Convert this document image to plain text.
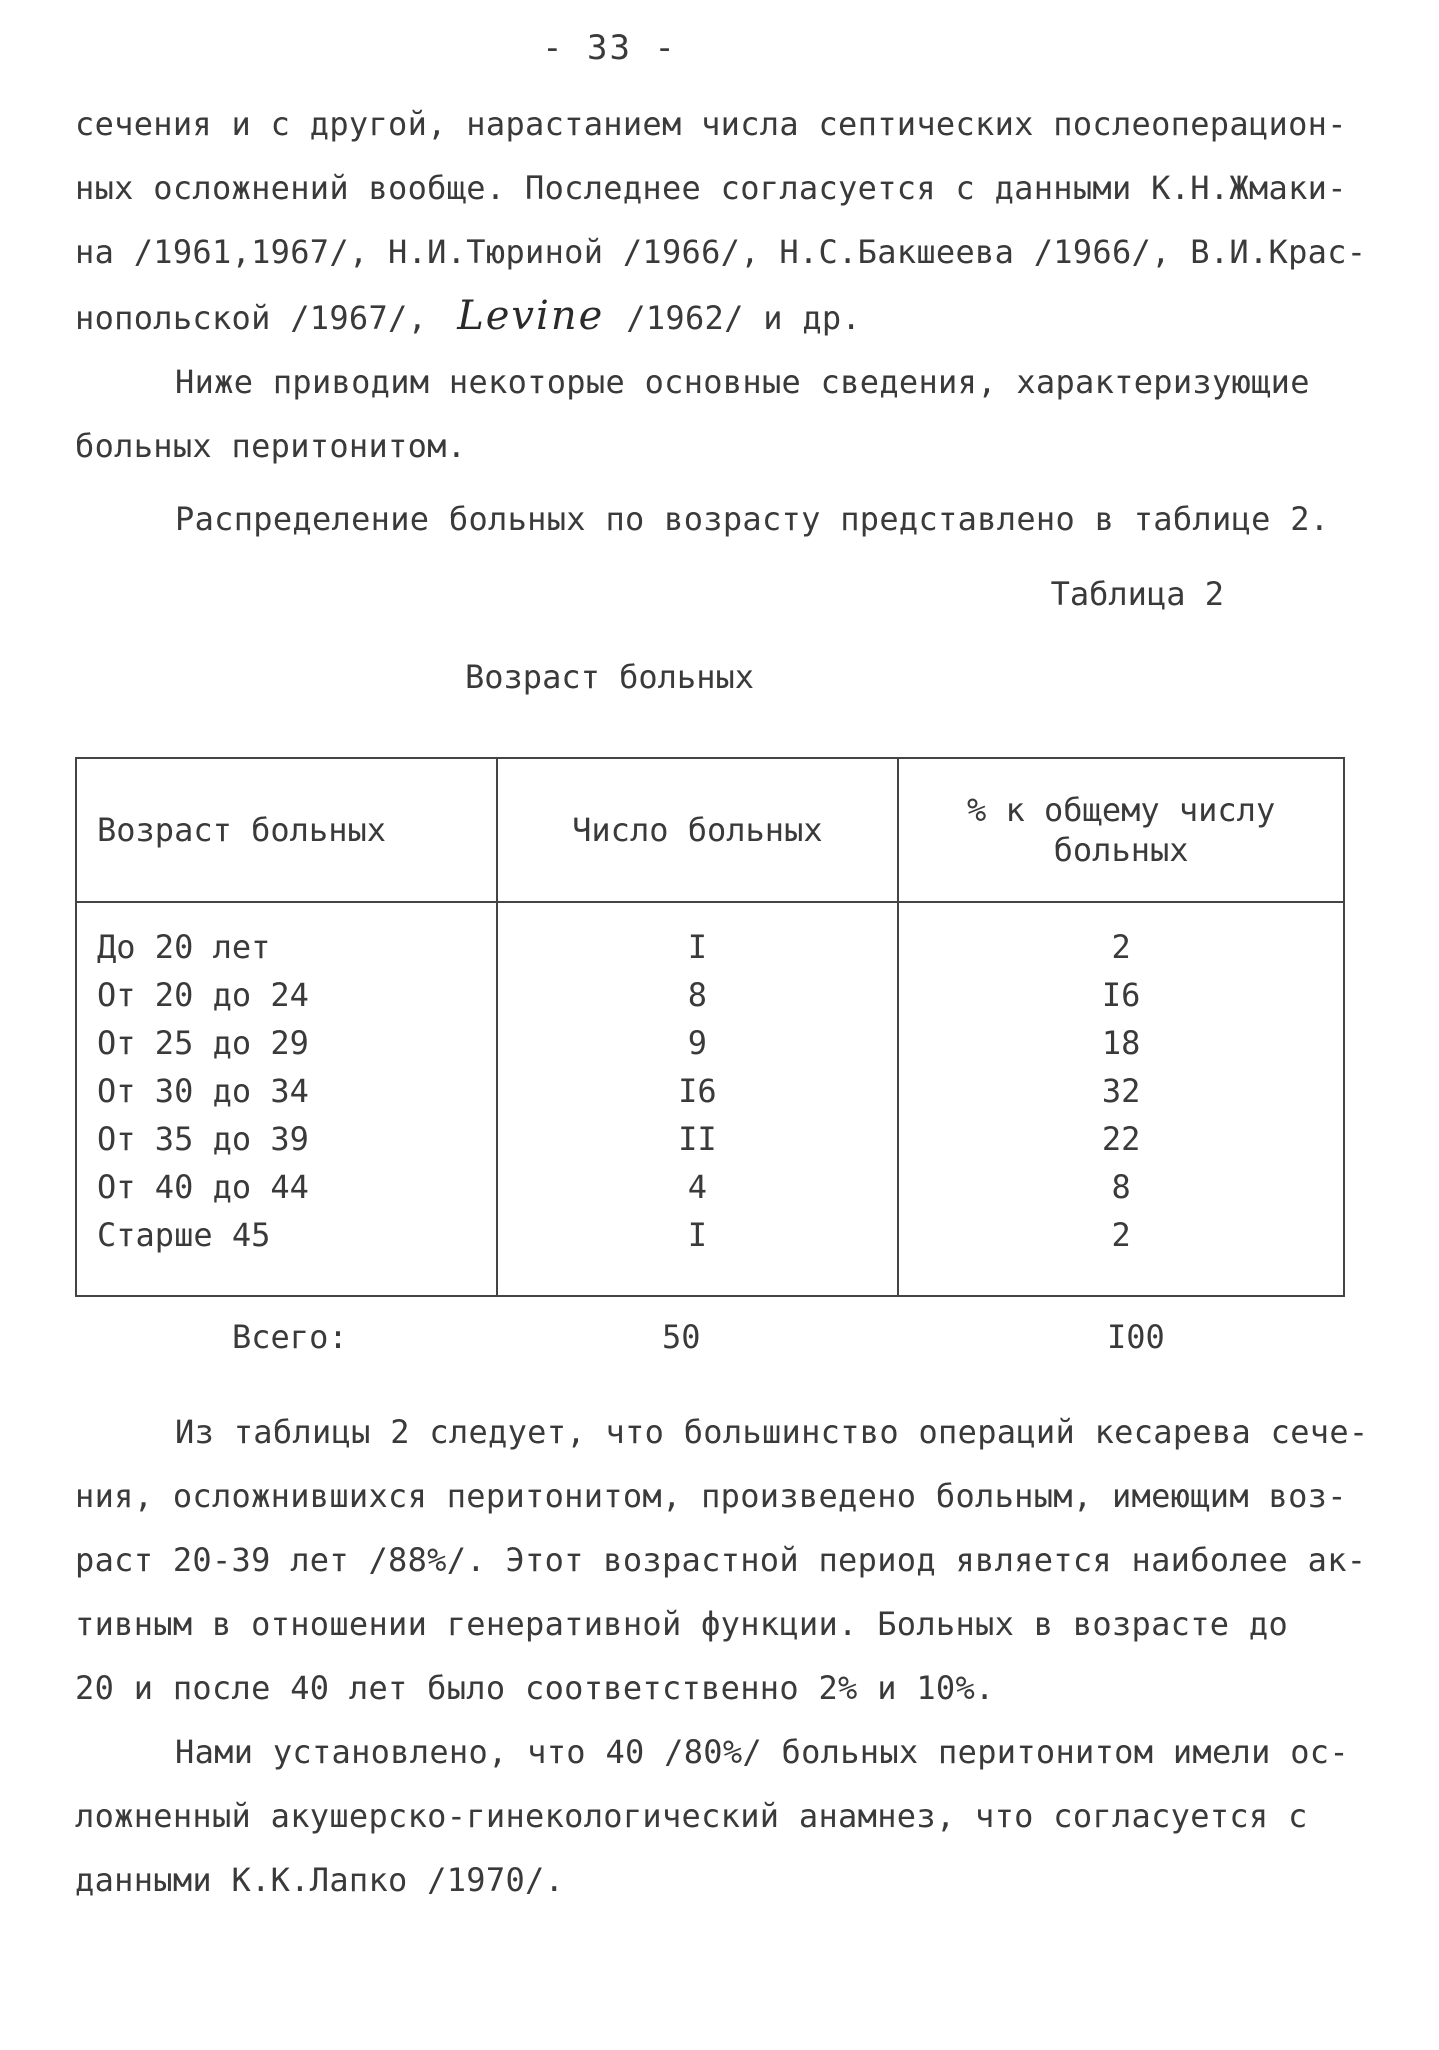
- 33 -
сечения и с другой, нарастанием числа септических послеоперацион-
ных осложнений вообще. Последнее согласуется с данными К.Н.Жмаки-
на /1961,1967/, Н.И.Тюриной /1966/, Н.С.Бакшеева /1966/, В.И.Крас-
нопольской /1967/, Levine /1962/ и др.
Ниже приводим некоторые основные сведения, характеризующие
больных перитонитом.
Распределение больных по возрасту представлено в таблице 2.
Таблица 2
Возраст больных
Возраст больных	Число больных	% к общему числу
больных
До 20 лет	I	2
От 20 до 24	8	I6
От 25 до 29	9	18
От 30 до 34	I6	32
От 35 до 39	II	22
От 40 до 44	4	8
Старше 45	I	2
Всего:	50	I00
Из таблицы 2 следует, что большинство операций кесарева сече-
ния, осложнившихся перитонитом, произведено больным, имеющим воз-
раст 20-39 лет /88%/. Этот возрастной период является наиболее ак-
тивным в отношении генеративной функции. Больных в возрасте до
20 и после 40 лет было соответственно 2% и 10%.
Нами установлено, что 40 /80%/ больных перитонитом имели ос-
ложненный акушерско-гинекологический анамнез, что согласуется с
данными К.К.Лапко /1970/.
